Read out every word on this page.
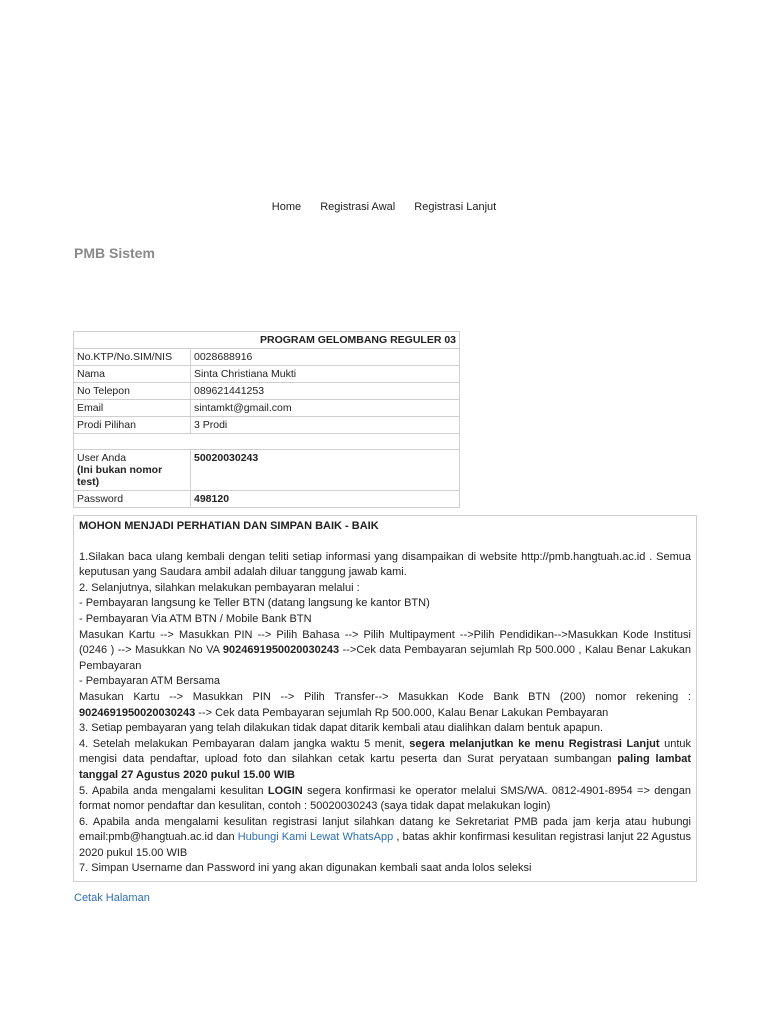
Home Registrasi Awal Registrasi Lanjut
PMB Sistem
PROGRAM GELOMBANG REGULER 03	
No.KTP/No.SIM/NIS	0028688916
Nama	Sinta Christiana Mukti
No Telepon	089621441253
Email	sintamkt@gmail.com
Prodi Pilihan	3 Prodi

User Anda
(Ini bukan nomor test)	50020030243
Password	498120

MOHON MENJADI PERHATIAN DAN SIMPAN BAIK - BAIK

1.Silakan baca ulang kembali dengan teliti setiap informasi yang disampaikan di website http://pmb.hangtuah.ac.id . Semua keputusan yang Saudara ambil adalah diluar tanggung jawab kami.

2. Selanjutnya, silahkan melakukan pembayaran melalui :

- Pembayaran langsung ke Teller BTN (datang langsung ke kantor BTN)

- Pembayaran Via ATM BTN / Mobile Bank BTN

Masukan Kartu --> Masukkan PIN --> Pilih Bahasa --> Pilih Multipayment -->Pilih Pendidikan-->Masukkan Kode Institusi (0246 ) --> Masukkan No VA 9024691950020030243 -->Cek data Pembayaran sejumlah Rp 500.000 , Kalau Benar Lakukan Pembayaran

- Pembayaran ATM Bersama

Masukan Kartu --> Masukkan PIN --> Pilih Transfer--> Masukkan Kode Bank BTN (200) nomor rekening : 9024691950020030243 --> Cek data Pembayaran sejumlah Rp 500.000, Kalau Benar Lakukan Pembayaran

3. Setiap pembayaran yang telah dilakukan tidak dapat ditarik kembali atau dialihkan dalam bentuk apapun.

4. Setelah melakukan Pembayaran dalam jangka waktu 5 menit, segera melanjutkan ke menu Registrasi Lanjut untuk mengisi data pendaftar, upload foto dan silahkan cetak kartu peserta dan Surat peryataan sumbangan paling lambat tanggal 27 Agustus 2020 pukul 15.00 WIB

5. Apabila anda mengalami kesulitan LOGIN segera konfirmasi ke operator melalui SMS/WA. 0812-4901-8954 => dengan format nomor pendaftar dan kesulitan, contoh : 50020030243 (saya tidak dapat melakukan login)

6. Apabila anda mengalami kesulitan registrasi lanjut silahkan datang ke Sekretariat PMB pada jam kerja atau hubungi email:pmb@hangtuah.ac.id dan Hubungi Kami Lewat WhatsApp , batas akhir konfirmasi kesulitan registrasi lanjut 22 Agustus 2020 pukul 15.00 WIB

7. Simpan Username dan Password ini yang akan digunakan kembali saat anda lolos seleksi

Cetak Halaman
